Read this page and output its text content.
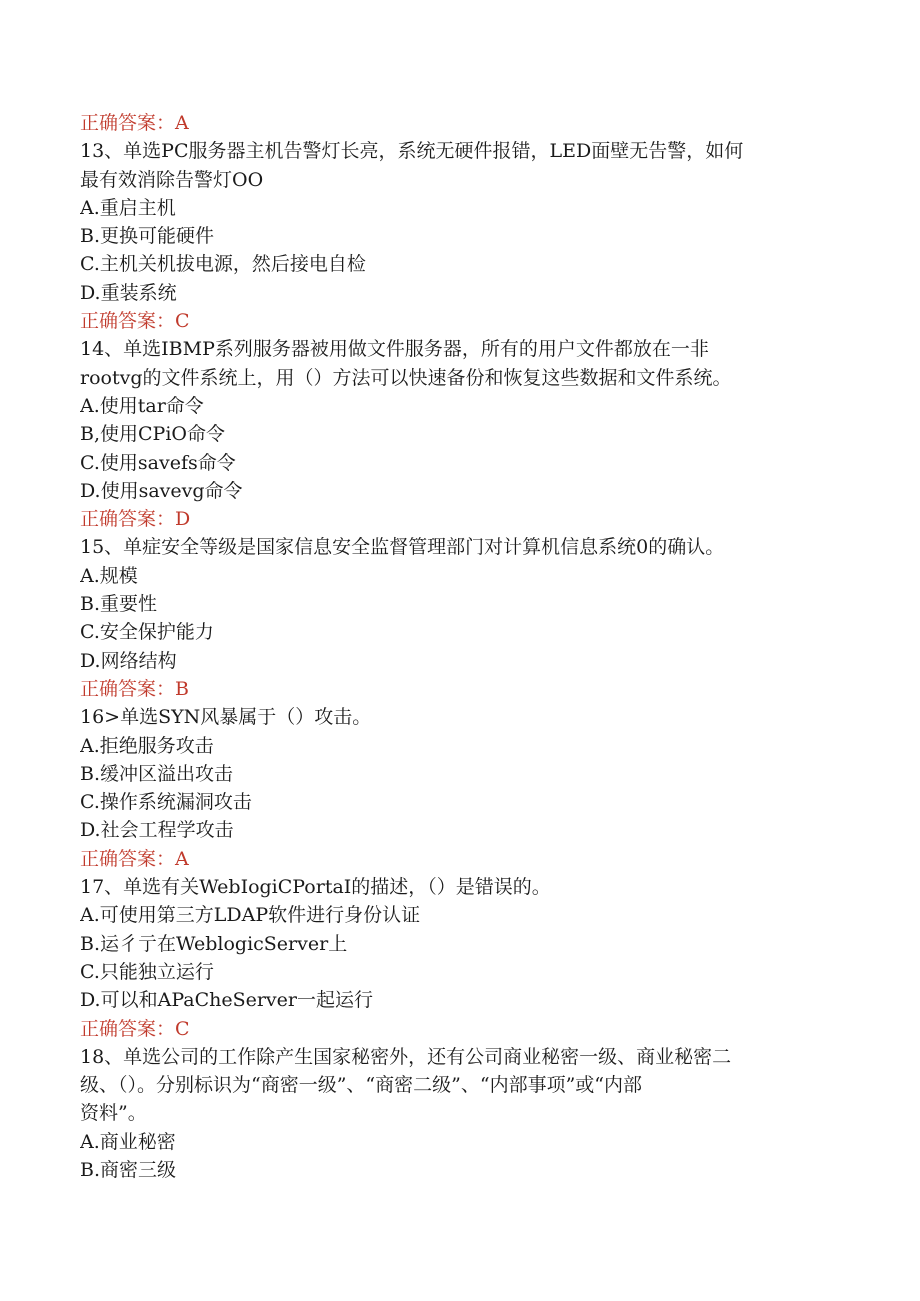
正确答案：A
13、单选PC服务器主机告警灯长亮，系统无硬件报错，LED面壁无告警，如何
最有效消除告警灯OO
A.重启主机
B.更换可能硬件
C.主机关机拔电源，然后接电自检
D.重装系统
正确答案：C
14、单选IBMP系列服务器被用做文件服务器，所有的用户文件都放在一非
rootvg的文件系统上，用（）方法可以快速备份和恢复这些数据和文件系统。
A.使用tar命令
B,使用CPiO命令
C.使用savefs命令
D.使用savevg命令
正确答案：D
15、单症安全等级是国家信息安全监督管理部门对计算机信息系统0的确认。
A.规模
B.重要性
C.安全保护能力
D.网络结构
正确答案：B
16>单选SYN风暴属于（）攻击。
A.拒绝服务攻击
B.缓冲区溢出攻击
C.操作系统漏洞攻击
D.社会工程学攻击
正确答案：A
17、单选有关WebIogiCPortaI的描述，（）是错误的。
A.可使用第三方LDAP软件进行身份认证
B.运彳亍在WeblogicServer上
C.只能独立运行
D.可以和APaCheServer一起运行
正确答案：C
18、单选公司的工作除产生国家秘密外，还有公司商业秘密一级、商业秘密二
级、（）。分别标识为“商密一级”、“商密二级”、“内部事项”或“内部
资料”。
A.商业秘密
B.商密三级
